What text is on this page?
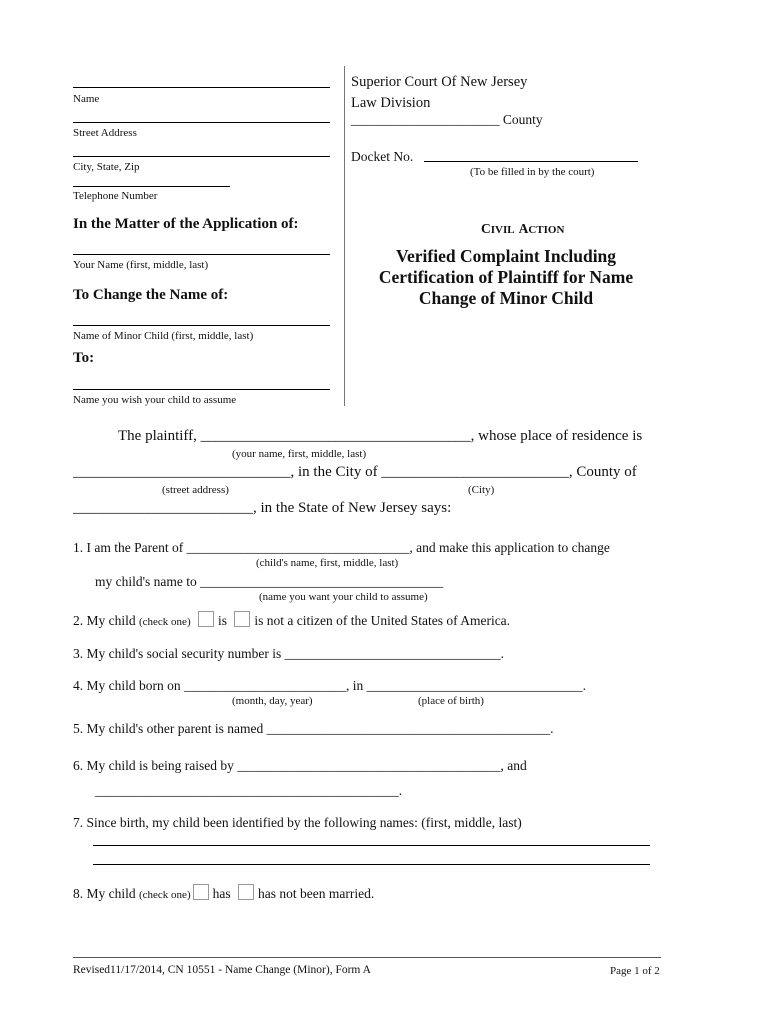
Name
Street Address
City, State, Zip
Telephone Number
In the Matter of the Application of:
Your Name (first, middle, last)
To Change the Name of:
Name of Minor Child (first, middle, last)
To:
Name you wish your child to assume
Superior Court Of New Jersey
Law Division
______________________ County
Docket No.
(To be filled in by the court)
CIVIL ACTION
Verified Complaint Including
Certification of Plaintiff for Name
Change of Minor Child
The plaintiff, ____________________________________, whose place of residence is
(your name, first, middle, last)
_____________________________, in the City of _________________________, County of
(street address)	(City)
________________________, in the State of New Jersey says:
1. I am the Parent of _________________________________, and make this application to change
(child's name, first, middle, last)
my child's name to ____________________________________
(name you want your child to assume)
2. My child (check one) is is not a citizen of the United States of America.
3. My child's social security number is ________________________________.
4. My child born on ________________________, in ________________________________.
(month, day, year)	(place of birth)
5. My child's other parent is named __________________________________________.
6. My child is being raised by _______________________________________, and
_____________________________________________.
7. Since birth, my child been identified by the following names: (first, middle, last)
8. My child (check one) has has not been married.
Revised11/17/2014, CN 10551 - Name Change (Minor), Form A	Page 1 of 2
